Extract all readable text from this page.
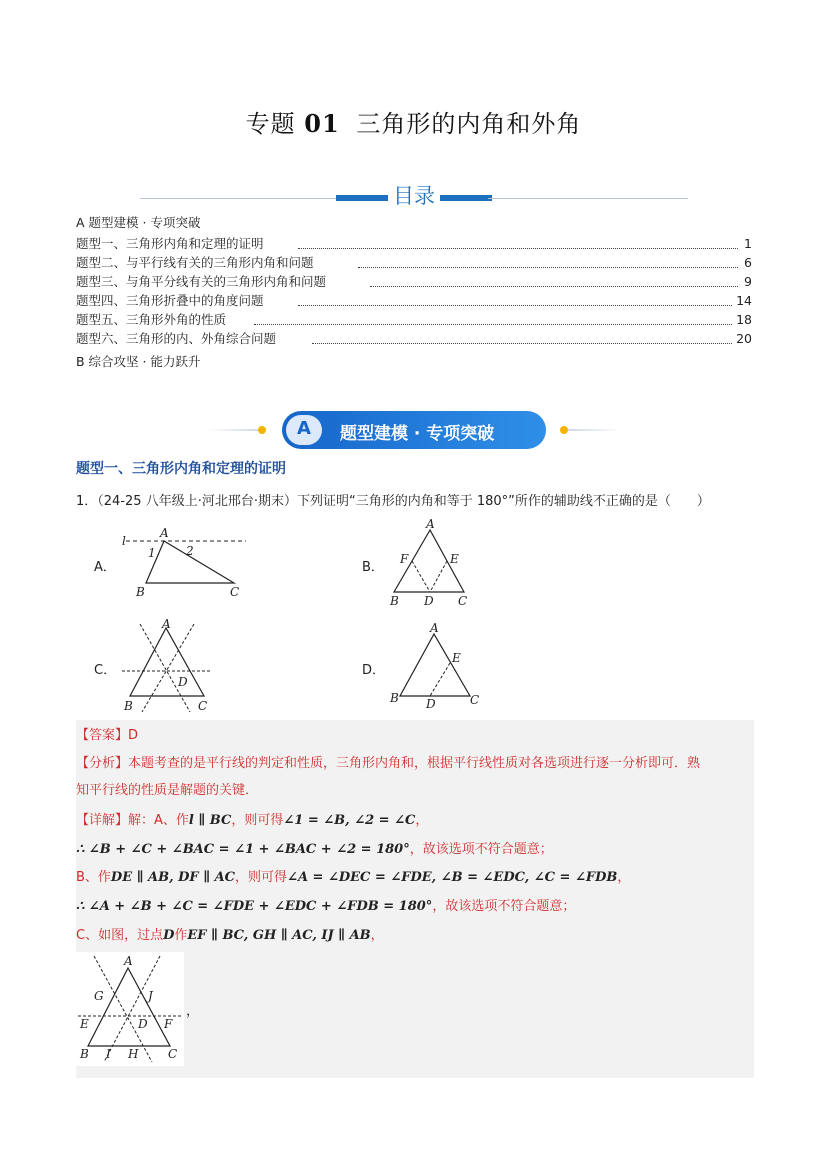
专题 01 三角形的内角和外角
目录
A 题型建模 · 专项突破
题型一、三角形内角和定理的证明	1
题型二、与平行线有关的三角形内角和问题	6
题型三、与角平分线有关的三角形内角和问题	9
题型四、三角形折叠中的角度问题	14
题型五、三角形外角的性质	18
题型六、三角形的内、外角综合问题	20
B 综合攻坚 · 能力跃升
A	题型建模 · 专项突破
题型一、三角形内角和定理的证明
1．（24-25 八年级上·河北邢台·期末）下列证明“三角形的内角和等于 180°”所作的辅助线不正确的是（　　）
A．	B．
C．	D．
l
A
1	2
B	C
A
F	E
B D C
A
D
B	C
A
E
B D	C
【答案】D
【分析】本题考查的是平行线的判定和性质，三角形内角和，根据平行线性质对各选项进行逐一分析即可．熟
知平行线的性质是解题的关键．
【详解】解：A、作l ∥ BC，则可得∠1 = ∠B, ∠2 = ∠C，
∴ ∠B + ∠C + ∠BAC = ∠1 + ∠BAC + ∠2 = 180°，故该选项不符合题意；
B、作DE ∥ AB, DF ∥ AC，则可得∠A = ∠DEC = ∠FDE, ∠B = ∠EDC, ∠C = ∠FDB，
∴ ∠A + ∠B + ∠C = ∠FDE + ∠EDC + ∠FDB = 180°，故该选项不符合题意；
C、如图，过点D作EF ∥ BC, GH ∥ AC, IJ ∥ AB，
A
G	J
E	D F
B I H C
，
